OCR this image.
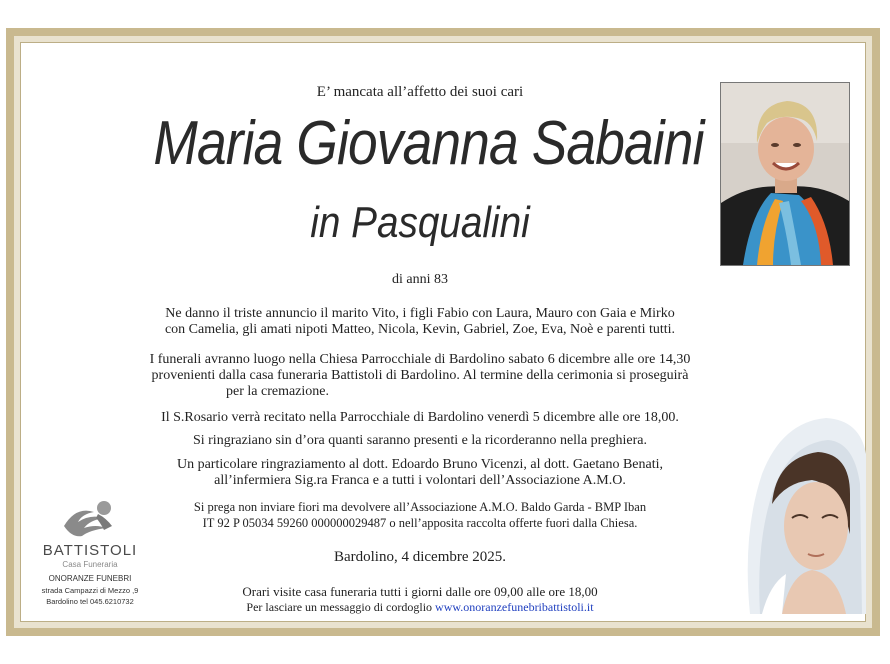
E’ mancata all’affetto dei suoi cari
Maria Giovanna Sabaini
in Pasqualini
di anni 83
Ne danno il triste annuncio il marito Vito, i figli Fabio con Laura, Mauro con Gaia e Mirko
con Camelia, gli amati nipoti Matteo, Nicola, Kevin, Gabriel, Zoe, Eva, Noè e parenti tutti.
I funerali avranno luogo nella Chiesa Parrocchiale di Bardolino sabato 6 dicembre alle ore 14,30
provenienti dalla casa funeraria Battistoli di Bardolino. Al termine della cerimonia si proseguirà
per la cremazione.
Il S.Rosario verrà recitato nella Parrocchiale di Bardolino venerdì 5 dicembre alle ore 18,00.
Si ringraziano sin d’ora quanti saranno presenti e la ricorderanno nella preghiera.
Un particolare ringraziamento al dott. Edoardo Bruno Vicenzi, al dott. Gaetano Benati,
all’infermiera Sig.ra Franca e a tutti i volontari dell’Associazione A.M.O.
Si prega non inviare fiori ma devolvere all’Associazione A.M.O. Baldo Garda - BMP Iban
IT 92 P 05034 59260 000000029487 o nell’apposita raccolta offerte fuori dalla Chiesa.
Bardolino, 4 dicembre 2025.
Orari visite casa funeraria tutti i giorni dalle ore 09,00 alle ore 18,00
Per lasciare un messaggio di cordoglio www.onoranzefunebribattistoli.it
BATTISTOLI
Casa Funeraria
ONORANZE FUNEBRI
strada Campazzi di Mezzo ,9
Bardolino tel 045.6210732
